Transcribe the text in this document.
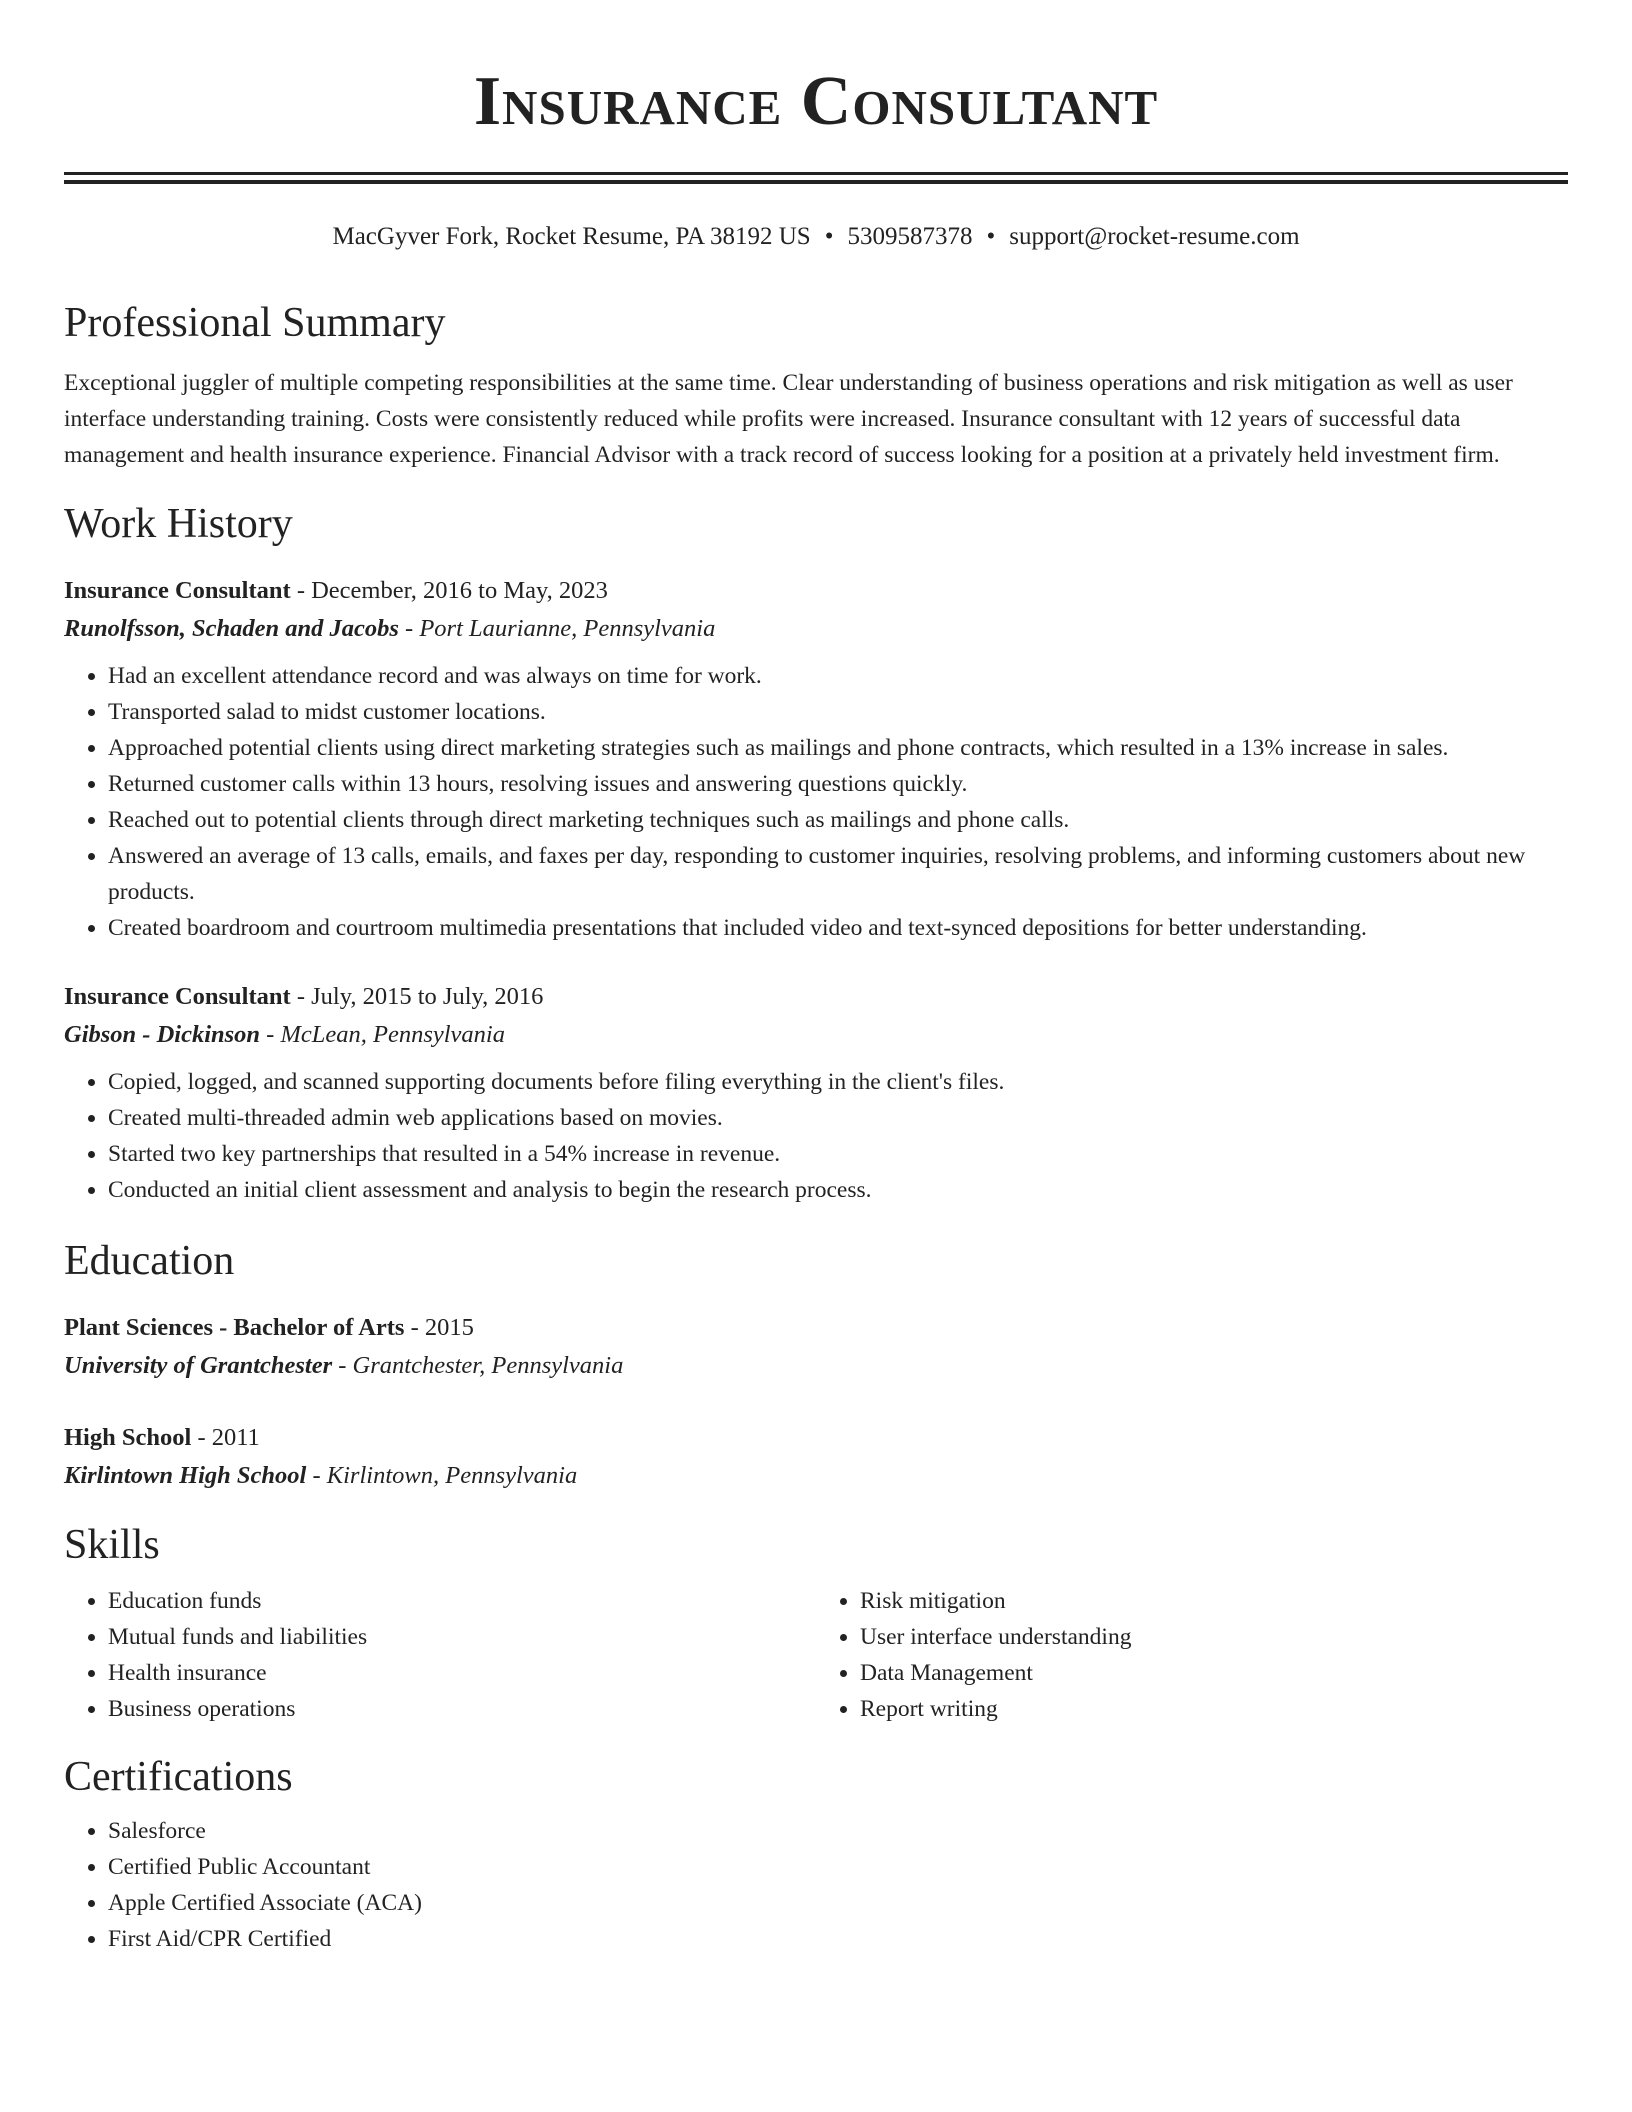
Insurance Consultant
MacGyver Fork, Rocket Resume, PA 38192 US • 5309587378 • support@rocket-resume.com
Professional Summary

Exceptional juggler of multiple competing responsibilities at the same time. Clear understanding of business operations and risk mitigation as well as user interface understanding training. Costs were consistently reduced while profits were increased. Insurance consultant with 12 years of successful data management and health insurance experience. Financial Advisor with a track record of success looking for a position at a privately held investment firm.

Work History
Insurance Consultant - December, 2016 to May, 2023
Runolfsson, Schaden and Jacobs - Port Laurianne, Pennsylvania
• Had an excellent attendance record and was always on time for work.
• Transported salad to midst customer locations.
• Approached potential clients using direct marketing strategies such as mailings and phone contracts, which resulted in a 13% increase in sales.
• Returned customer calls within 13 hours, resolving issues and answering questions quickly.
• Reached out to potential clients through direct marketing techniques such as mailings and phone calls.
• Answered an average of 13 calls, emails, and faxes per day, responding to customer inquiries, resolving problems, and informing customers about new products.
• Created boardroom and courtroom multimedia presentations that included video and text-synced depositions for better understanding.
Insurance Consultant - July, 2015 to July, 2016
Gibson - Dickinson - McLean, Pennsylvania
• Copied, logged, and scanned supporting documents before filing everything in the client's files.
• Created multi-threaded admin web applications based on movies.
• Started two key partnerships that resulted in a 54% increase in revenue.
• Conducted an initial client assessment and analysis to begin the research process.
Education
Plant Sciences - Bachelor of Arts - 2015
University of Grantchester - Grantchester, Pennsylvania
High School - 2011
Kirlintown High School - Kirlintown, Pennsylvania
Skills
• Education funds
• Mutual funds and liabilities
• Health insurance
• Business operations
• Risk mitigation
• User interface understanding
• Data Management
• Report writing
Certifications
• Salesforce
• Certified Public Accountant
• Apple Certified Associate (ACA)
• First Aid/CPR Certified
